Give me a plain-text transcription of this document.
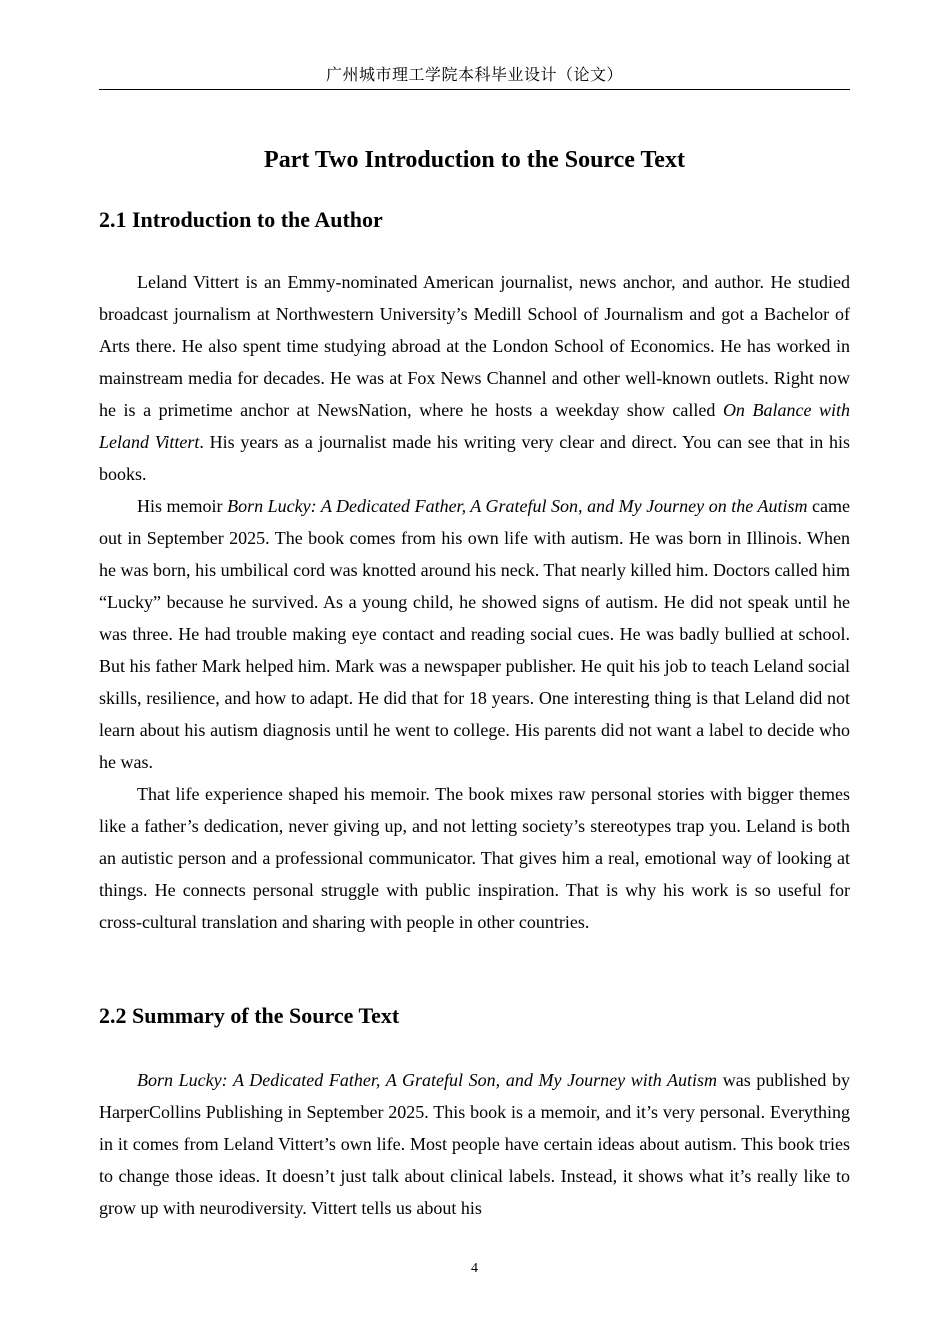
广州城市理工学院本科毕业设计（论文）
Part Two Introduction to the Source Text
2.1 Introduction to the Author

Leland Vittert is an Emmy-nominated American journalist, news anchor, and author. He studied broadcast journalism at Northwestern University’s Medill School of Journalism and got a Bachelor of Arts there. He also spent time studying abroad at the London School of Economics. He has worked in mainstream media for decades. He was at Fox News Channel and other well-known outlets. Right now he is a primetime anchor at NewsNation, where he hosts a weekday show called On Balance with Leland Vittert. His years as a journalist made his writing very clear and direct. You can see that in his books.

His memoir Born Lucky: A Dedicated Father, A Grateful Son, and My Journey on the Autism came out in September 2025. The book comes from his own life with autism. He was born in Illinois. When he was born, his umbilical cord was knotted around his neck. That nearly killed him. Doctors called him “Lucky” because he survived. As a young child, he showed signs of autism. He did not speak until he was three. He had trouble making eye contact and reading social cues. He was badly bullied at school. But his father Mark helped him. Mark was a newspaper publisher. He quit his job to teach Leland social skills, resilience, and how to adapt. He did that for 18 years. One interesting thing is that Leland did not learn about his autism diagnosis until he went to college. His parents did not want a label to decide who he was.

That life experience shaped his memoir. The book mixes raw personal stories with bigger themes like a father’s dedication, never giving up, and not letting society’s stereotypes trap you. Leland is both an autistic person and a professional communicator. That gives him a real, emotional way of looking at things. He connects personal struggle with public inspiration. That is why his work is so useful for cross-cultural translation and sharing with people in other countries.

2.2 Summary of the Source Text

Born Lucky: A Dedicated Father, A Grateful Son, and My Journey with Autism was published by HarperCollins Publishing in September 2025. This book is a memoir, and it’s very personal. Everything in it comes from Leland Vittert’s own life. Most people have certain ideas about autism. This book tries to change those ideas. It doesn’t just talk about clinical labels. Instead, it shows what it’s really like to grow up with neurodiversity. Vittert tells us about his

4
